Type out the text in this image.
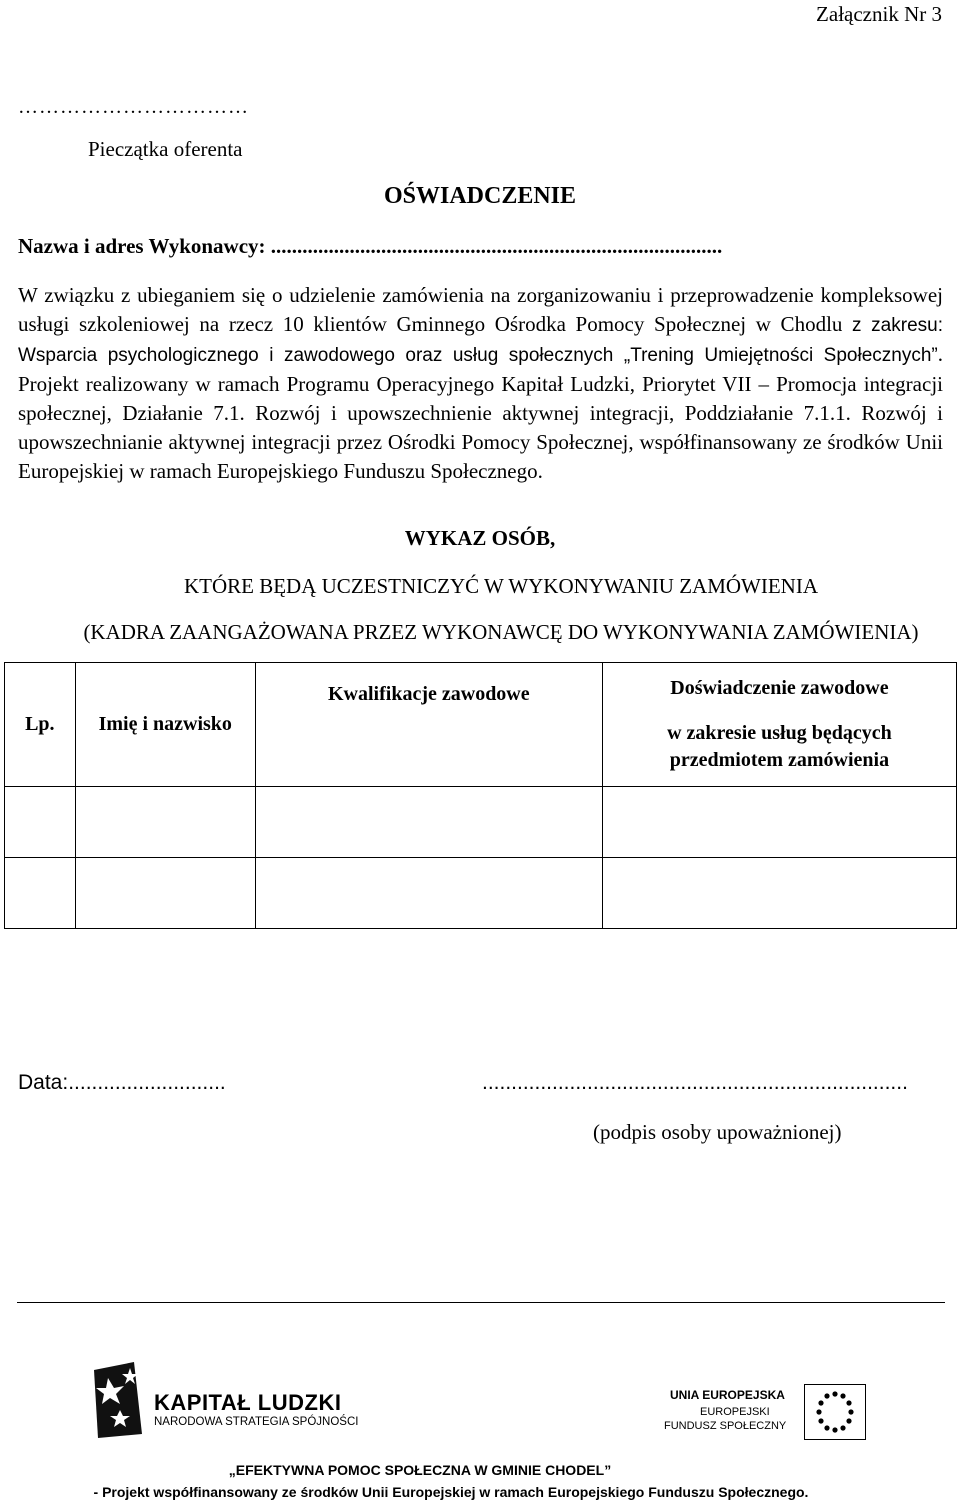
Załącznik Nr 3
……………………………
Pieczątka oferenta
OŚWIADCZENIE
Nazwa i adres Wykonawcy: ......................................................................................
W związku z ubieganiem się o udzielenie zamówienia na zorganizowaniu i przeprowadzenie kompleksowej usługi szkoleniowej na rzecz 10 klientów Gminnego Ośrodka Pomocy Społecznej w Chodlu z zakresu: Wsparcia psychologicznego i zawodowego oraz usług społecznych „Trening Umiejętności Społecznych”. Projekt realizowany w ramach Programu Operacyjnego Kapitał Ludzki, Priorytet VII – Promocja integracji społecznej, Działanie 7.1. Rozwój i upowszechnienie aktywnej integracji, Poddziałanie 7.1.1. Rozwój i upowszechnianie aktywnej integracji przez Ośrodki Pomocy Społecznej, współfinansowany ze środków Unii Europejskiej w ramach Europejskiego Funduszu Społecznego.
WYKAZ OSÓB,
KTÓRE BĘDĄ UCZESTNICZYĆ W WYKONYWANIU ZAMÓWIENIA
(KADRA ZAANGAŻOWANA PRZEZ WYKONAWCĘ DO WYKONYWANIA ZAMÓWIENIA)
Lp.	Imię i nazwisko	Kwalifikacje zawodowe	Doświadczenie zawodowe
w zakresie usług będących
przedmiotem zamówienia

Data:...........................	.........................................................................
(podpis osoby upoważnionej)
KAPITAŁ LUDZKI
NARODOWA STRATEGIA SPÓJNOŚCI
UNIA EUROPEJSKA
EUROPEJSKI
FUNDUSZ SPOŁECZNY
„EFEKTYWNA POMOC SPOŁECZNA W GMINIE CHODEL”
- Projekt współfinansowany ze środków Unii Europejskiej w ramach Europejskiego Funduszu Społecznego.
